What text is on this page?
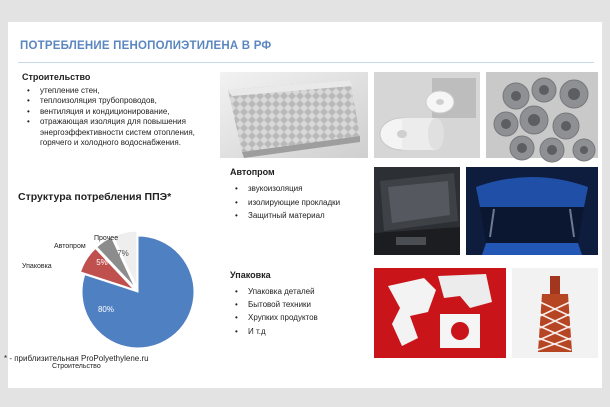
ПОТРЕБЛЕНИЕ ПЕНОПОЛИЭТИЛЕНА В РФ
Строительство
• утепление стен,
• теплоизоляция трубопроводов,
• вентиляция и кондиционирование,
• отражающая изоляция для повышения энергоэффективности систем отопления, горячего и холодного водоснабжения.
Структура потребления ППЭ*
80%
8%
5%
7%
Строительство
Упаковка
Автопром
Прочее
* - приблизительная ProPolyethylene.ru
Автопром
• звукоизоляция
• изолирующие прокладки
• Защитный материал
Упаковка
• Упаковка деталей
• Бытовой техники
• Хрупких продуктов
• И т.д
